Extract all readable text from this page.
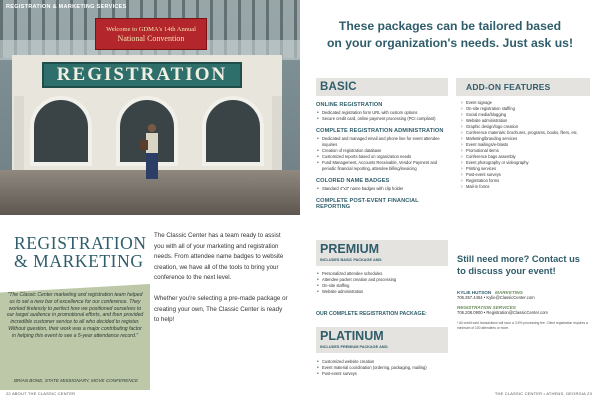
Welcome to GDMA's 14th Annual
National Convention
REGISTRATION
REGISTRATION & MARKETING SERVICES
REGISTRATION
& MARKETING

The Classic Center has a team ready to assist you with all of your marketing and registration needs. From attendee name badges to website creation, we have all of the tools to bring your conference to the next level.

Whether you're selecting a pre-made package or creating your own, The Classic Center is ready to help!

"The Classic Center marketing and registration team helped us to set a new bar of excellence for our conference. They worked tirelessly to perfect how we positioned ourselves to our target audience in promotional efforts, and then provided incredible customer service to all who decided to register. Without question, their work was a major contributing factor in helping this event to see a 5-year attendance record."
BRIAN BONE, STATE MISSIONARY, MOVE CONFERENCE
22 ABOUT THE CLASSIC CENTER
These packages can be tailored based
on your organization's needs. Just ask us!
BASIC
ONLINE REGISTRATION
• Dedicated registration form URL with custom options
• Secure credit card, online payment processing (PCI compliant)
COMPLETE REGISTRATION ADMINISTRATION
• Dedicated and managed email and phone line for event attendee inquiries
• Creation of registration database
• Customized reports based on organization needs
• Fund Management, Accounts Receivable, Vendor Payment and periodic financial reporting, attendee billing/invoicing
COLORED NAME BADGES
• Standard 4"x3" name badges with clip holder
COMPLETE POST-EVENT FINANCIAL REPORTING
ADD-ON FEATURES
› Event signage
› On-site registration staffing
› Social media/blogging
› Website administration
› Graphic design/logo creation
› Conference materials: brochures, programs, books, fliers, etc.
› Marketing/branding services
› Event mailings/e-blasts
› Promotional items
› Conference bags assembly
› Event photography or videography
› Printing services
› Post-event surveys
› Registration forms
› Mail-in forms
PREMIUM
INCLUDES BASIC PACKAGE AND:
• Personalized attendee schedules
• Attendee packet creation and processing
• On-site staffing
• Website administration
OUR COMPLETE REGISTRATION PACKAGE:
PLATINUM
INCLUDES PREMIUM PACKAGE AND:
• Customized website creation
• Event material coordination (ordering, packaging, mailing)
• Post-event surveys
Still need more? Contact us
to discuss your event!
KYLIE HUTSON MARKETING
706.357.4454 • Kylie@ClassicCenter.com
REGISTRATION SERVICES
706.208.0900 • Registration@ClassicCenter.com
* All credit card transactions will incur a 3.5% processing fee. Client registration requires a minimum of 100 attendees or more.
THE CLASSIC CENTER • ATHENS, GEORGIA 23
